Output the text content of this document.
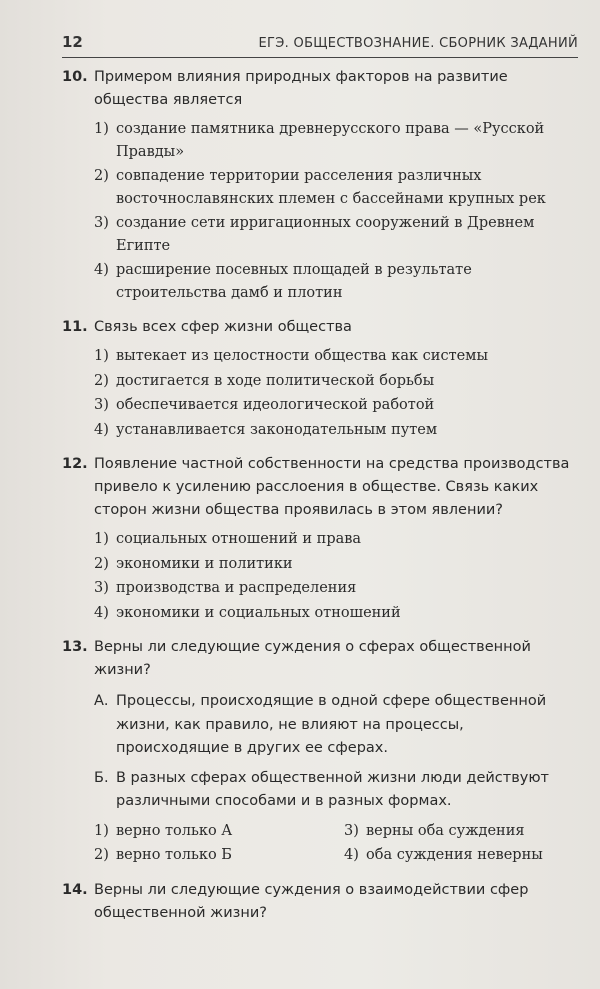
12	ЕГЭ. ОБЩЕСТВОЗНАНИЕ. СБОРНИК ЗАДАНИЙ
10. Примером влияния природных факторов на развитие общества является
1) создание памятника древнерусского права — «Русской Правды»
2) совпадение территории расселения различных восточнославянских племен с бассейнами крупных рек
3) создание сети ирригационных сооружений в Древнем Египте
4) расширение посевных площадей в результате строительства дамб и плотин
11. Связь всех сфер жизни общества
1) вытекает из целостности общества как системы
2) достигается в ходе политической борьбы
3) обеспечивается идеологической работой
4) устанавливается законодательным путем
12. Появление частной собственности на средства производства привело к усилению расслоения в обществе. Связь каких сторон жизни общества проявилась в этом явлении?
1) социальных отношений и права
2) экономики и политики
3) производства и распределения
4) экономики и социальных отношений
13. Верны ли следующие суждения о сферах общественной жизни?
А. Процессы, происходящие в одной сфере общественной жизни, как правило, не влияют на процессы, происходящие в других ее сферах.
Б. В разных сферах общественной жизни люди действуют различными способами и в разных формах.
1) верно только А	3) верны оба суждения
2) верно только Б	4) оба суждения неверны
14. Верны ли следующие суждения о взаимодействии сфер общественной жизни?
